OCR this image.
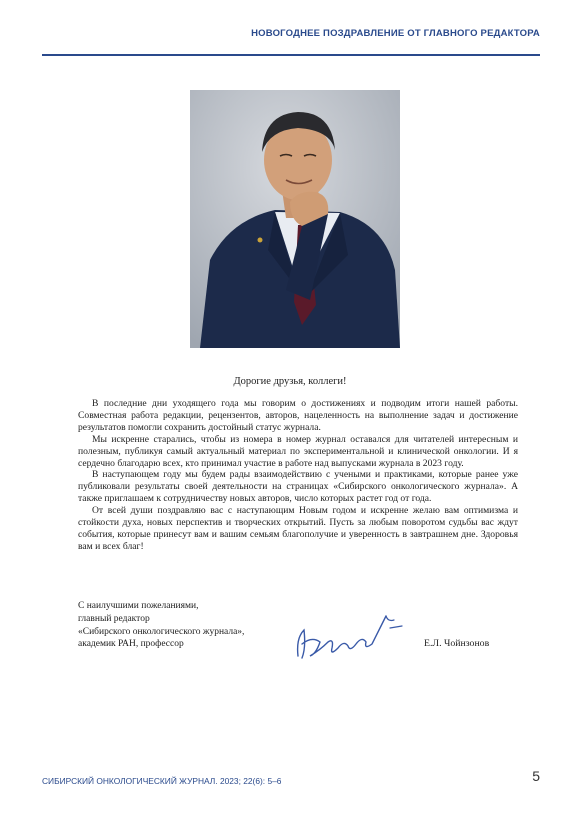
НОВОГОДНЕЕ ПОЗДРАВЛЕНИЕ ОТ ГЛАВНОГО РЕДАКТОРА
Дорогие друзья, коллеги!

В последние дни уходящего года мы говорим о достижениях и подводим итоги нашей работы. Совместная работа редакции, рецензентов, авторов, нацеленность на выполнение задач и достижение результатов помогли сохранить достойный статус журнала.

Мы искренне старались, чтобы из номера в номер журнал оставался для читателей интересным и полезным, публикуя самый актуальный материал по экспериментальной и клинической онкологии. И я сердечно благодарю всех, кто принимал участие в работе над выпусками журнала в 2023 году.

В наступающем году мы будем рады взаимодействию с учеными и практиками, которые ранее уже публиковали результаты своей деятельности на страницах «Сибирского онкологического журнала». А также приглашаем к сотрудничеству новых авторов, число которых растет год от года.

От всей души поздравляю вас с наступающим Новым годом и искренне желаю вам оптимизма и стойкости духа, новых перспектив и творческих открытий. Пусть за любым поворотом судьбы вас ждут события, которые принесут вам и вашим семьям благополучие и уверенность в завтрашнем дне. Здоровья вам и всех благ!

С наилучшими пожеланиями,
главный редактор
«Сибирского онкологического журнала»,
академик РАН, профессор	Е.Л. Чойнзонов
СИБИРСКИЙ ОНКОЛОГИЧЕСКИЙ ЖУРНАЛ. 2023; 22(6): 5–6	5
